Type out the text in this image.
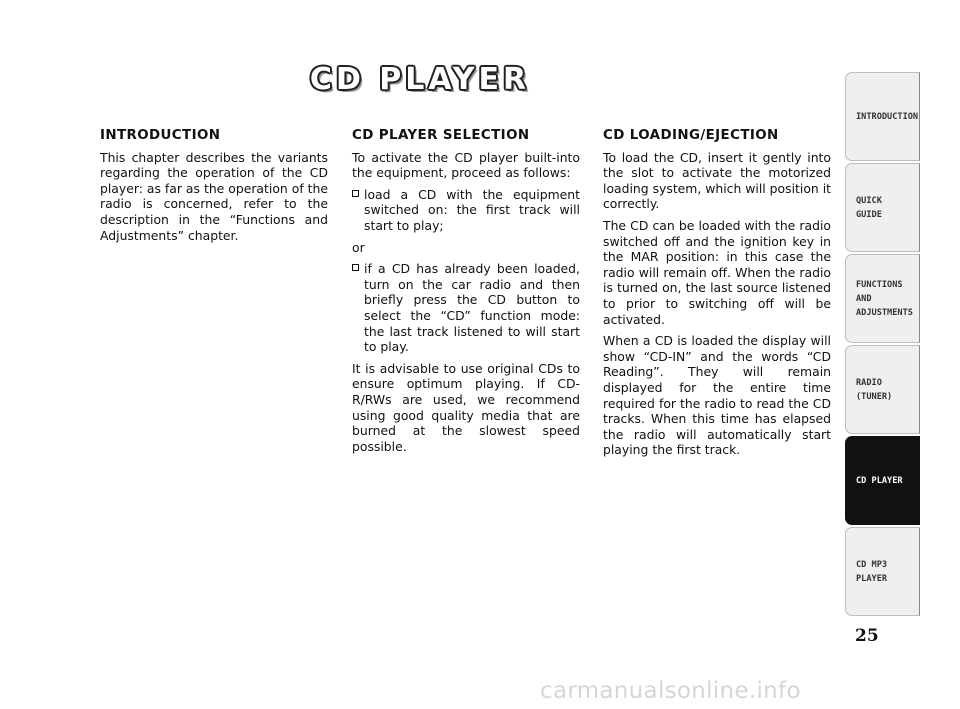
CD PLAYER
INTRODUCTION

This chapter describes the variants regarding the operation of the CD player: as far as the operation of the radio is concerned, refer to the description in the “Functions and Adjustments” chapter.

CD PLAYER SELECTION

To activate the CD player built-into the equipment, proceed as follows:

load a CD with the equipment switched on: the first track will start to play;

or

if a CD has already been loaded, turn on the car radio and then briefly press the CD button to select the “CD” function mode: the last track listened to will start to play.

It is advisable to use original CDs to ensure optimum playing. If CD-R/RWs are used, we recommend using good quality media that are burned at the slowest speed possible.

CD LOADING/EJECTION

To load the CD, insert it gently into the slot to activate the motorized loading system, which will position it correctly.

The CD can be loaded with the radio switched off and the ignition key in the MAR position: in this case the radio will remain off. When the radio is turned on, the last source listened to prior to switching off will be activated.

When a CD is loaded the display will show “CD-IN” and the words “CD Reading”. They will remain displayed for the entire time required for the radio to read the CD tracks. When this time has elapsed the radio will automatically start playing the first track.

INTRODUCTION
QUICK
GUIDE
FUNCTIONS
AND
ADJUSTMENTS
RADIO
(TUNER)
CD PLAYER
CD MP3
PLAYER
25
carmanualsonline.info
